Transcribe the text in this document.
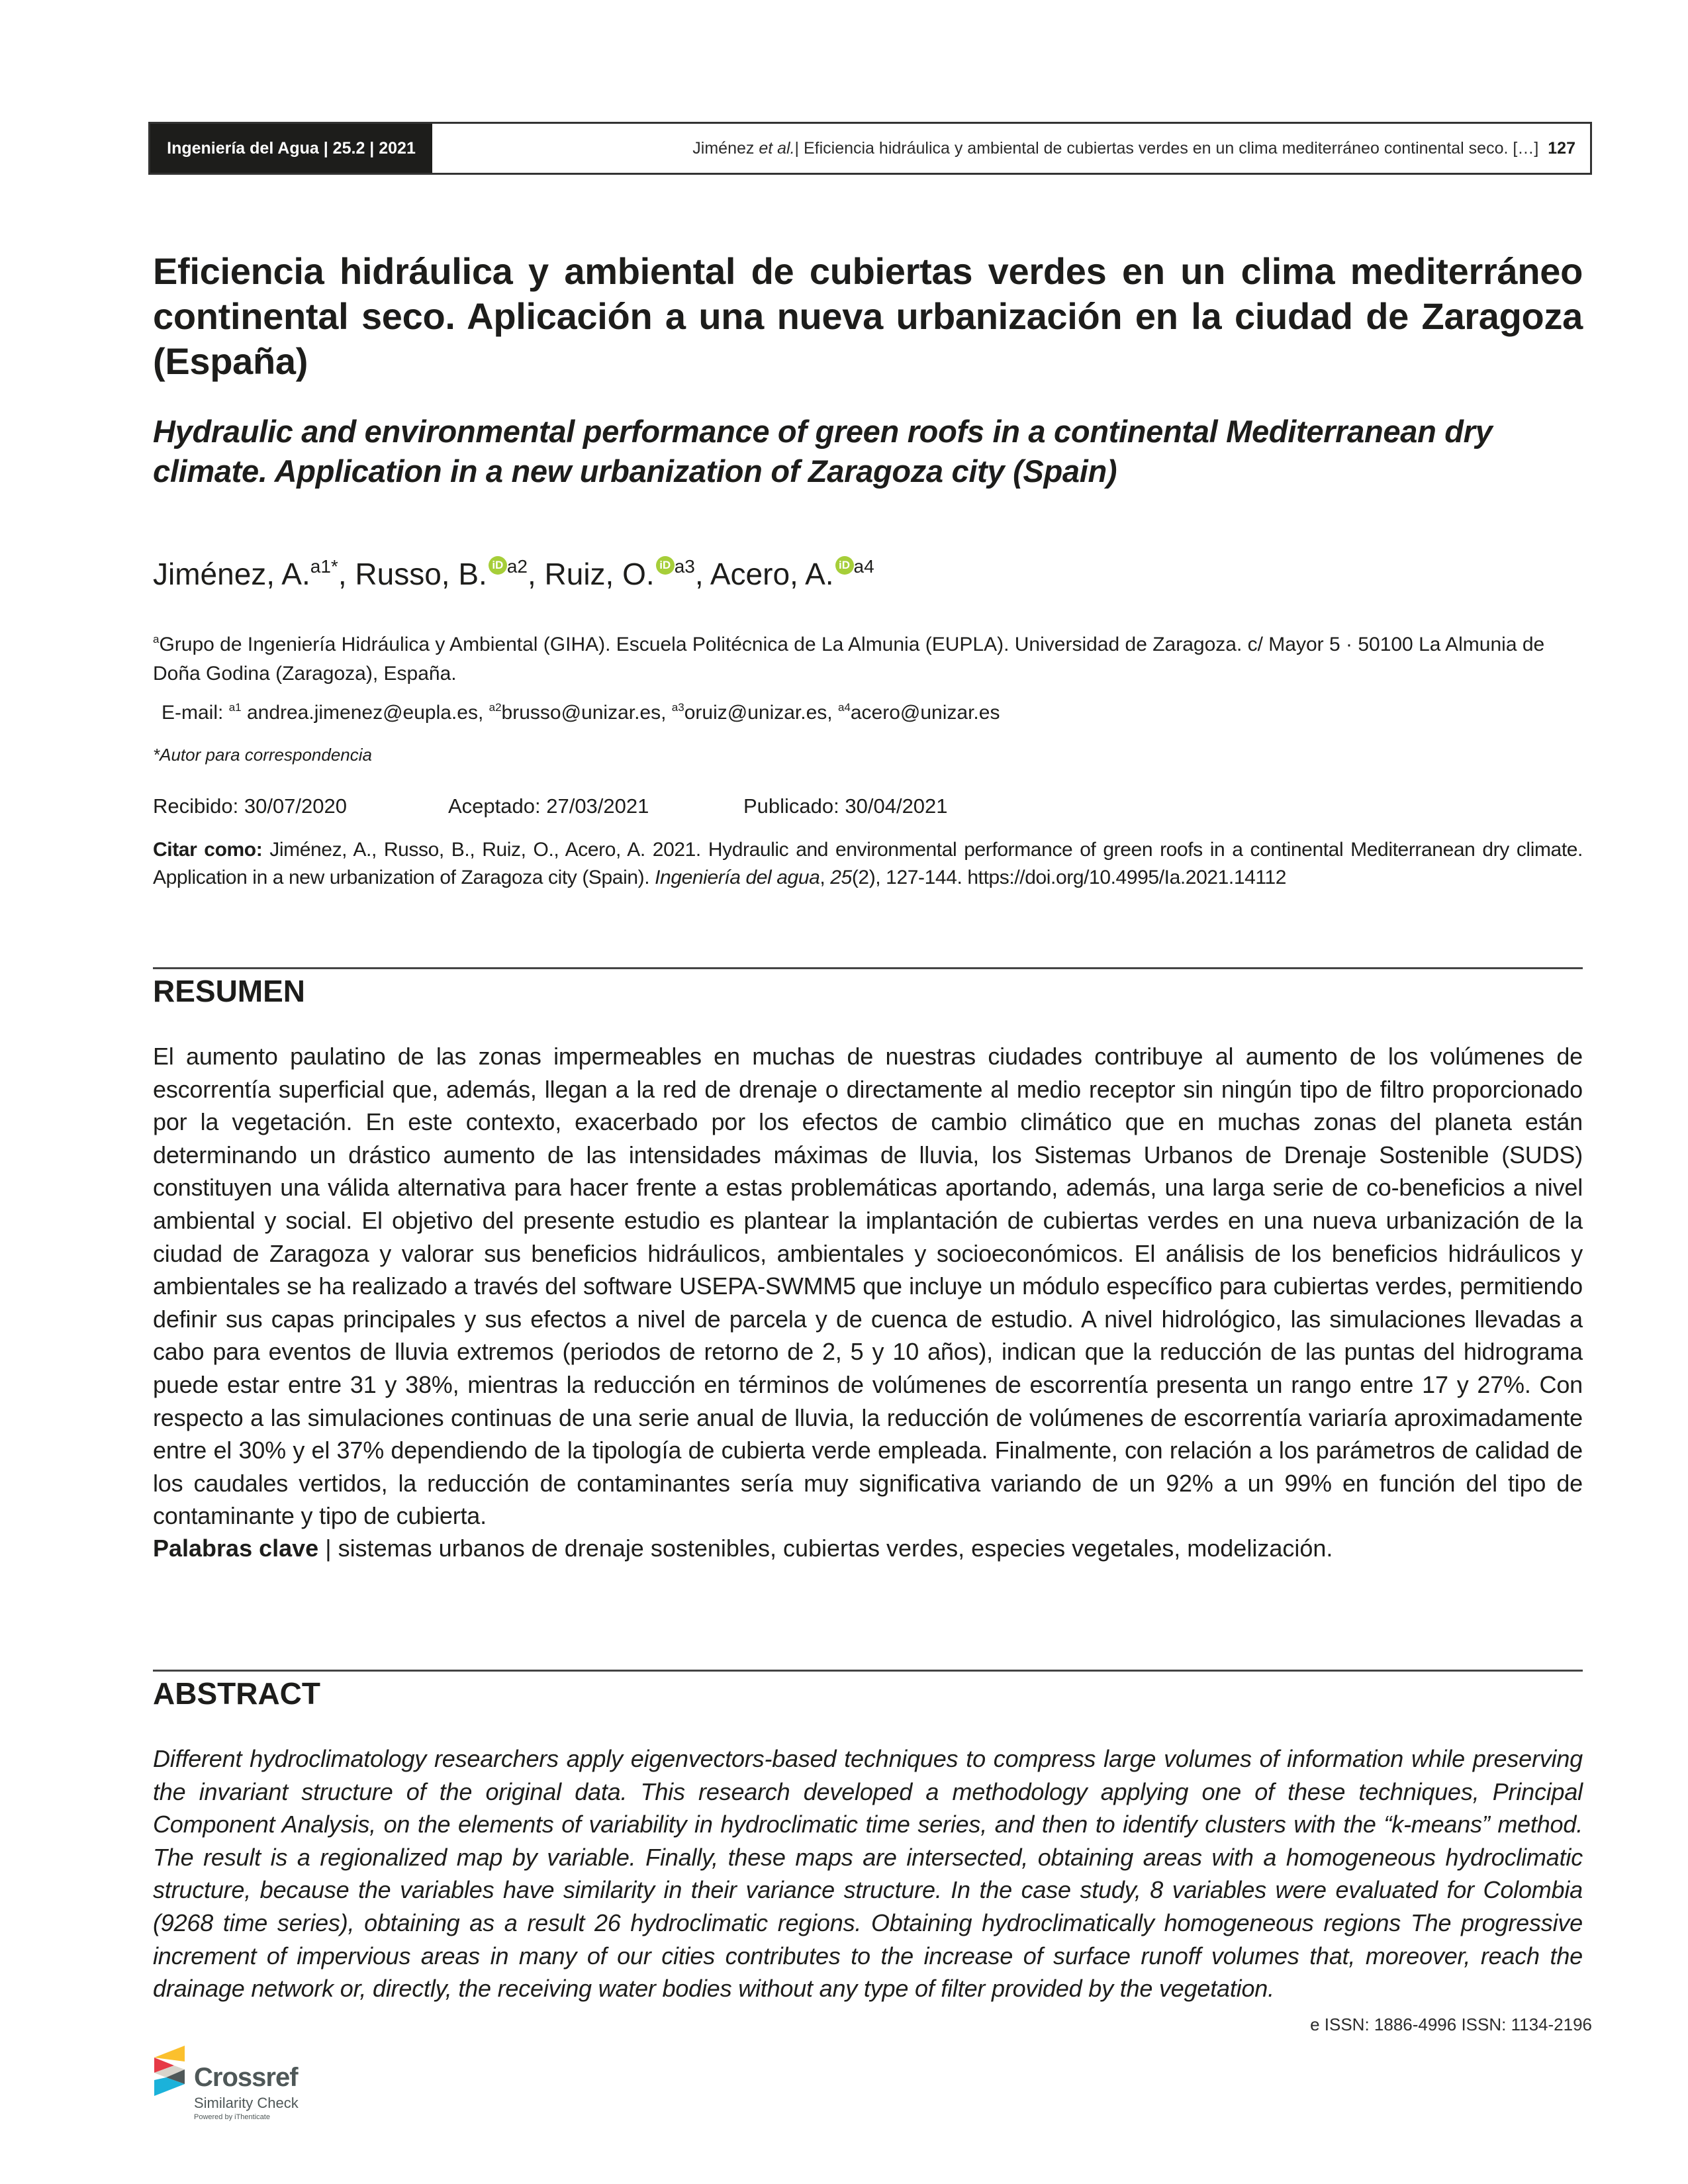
Ingeniería del Agua | 25.2 | 2021	Jiménez
et al. | Eficiencia hidráulica y ambiental de cubiertas verdes en un clima mediterráneo continental seco. […] 127
Eficiencia hidráulica y ambiental de cubiertas verdes en un clima mediterráneo continental seco. Aplicación a una nueva urbanización en la ciudad de Zaragoza (España)
Hydraulic and environmental performance of green roofs in a continental Mediterranean dry climate. Application in a new urbanization of Zaragoza city (Spain)
Jiménez, A.$^{a1*}$, Russo, B. iD $^{a2}$, Ruiz, O. iD $^{a3}$, Acero, A. iD $^{a4}$
$^a$Grupo de Ingeniería Hidráulica y Ambiental (GIHA). Escuela Politécnica de La Almunia (EUPLA). Universidad de Zaragoza. c/ Mayor 5 · 50100 La Almunia de Doña Godina (Zaragoza), España.
E-mail: $^{a1}$ andrea.jimenez@eupla.es, $^{a2}$brusso@unizar.es, $^{a3}$oruiz@unizar.es, $^{a4}$acero@unizar.es
*Autor para correspondencia
Recibido: 30/07/2020	Aceptado: 27/03/2021	Publicado: 30/04/2021
Citar como: Jiménez, A., Russo, B., Ruiz, O., Acero, A. 2021. Hydraulic and environmental performance of green roofs in a continental Mediterranean dry climate. Application in a new urbanization of Zaragoza city (Spain). Ingeniería del agua, 25(2), 127-144. https://doi.org/10.4995/Ia.2021.14112
RESUMEN
El aumento paulatino de las zonas impermeables en muchas de nuestras ciudades contribuye al aumento de los volúmenes de escorrentía superficial que, además, llegan a la red de drenaje o directamente al medio receptor sin ningún tipo de filtro proporcionado por la vegetación. En este contexto, exacerbado por los efectos de cambio climático que en muchas zonas del planeta están determinando un drástico aumento de las intensidades máximas de lluvia, los Sistemas Urbanos de Drenaje Sostenible (SUDS) constituyen una válida alternativa para hacer frente a estas problemáticas aportando, además, una larga serie de co-beneficios a nivel ambiental y social. El objetivo del presente estudio es plantear la implantación de cubiertas verdes en una nueva urbanización de la ciudad de Zaragoza y valorar sus beneficios hidráulicos, ambientales y socioeconómicos. El análisis de los beneficios hidráulicos y ambientales se ha realizado a través del software USEPA-SWMM5 que incluye un módulo específico para cubiertas verdes, permitiendo definir sus capas principales y sus efectos a nivel de parcela y de cuenca de estudio. A nivel hidrológico, las simulaciones llevadas a cabo para eventos de lluvia extremos (periodos de retorno de 2, 5 y 10 años), indican que la reducción de las puntas del hidrograma puede estar entre 31 y 38%, mientras la reducción en términos de volúmenes de escorrentía presenta un rango entre 17 y 27%. Con respecto a las simulaciones continuas de una serie anual de lluvia, la reducción de volúmenes de escorrentía variaría aproximadamente entre el 30% y el 37% dependiendo de la tipología de cubierta verde empleada. Finalmente, con relación a los parámetros de calidad de los caudales vertidos, la reducción de contaminantes sería muy significativa variando de un 92% a un 99% en función del tipo de contaminante y tipo de cubierta.
Palabras clave | sistemas urbanos de drenaje sostenibles, cubiertas verdes, especies vegetales, modelización.
ABSTRACT
Different hydroclimatology researchers apply eigenvectors-based techniques to compress large volumes of information while preserving the invariant structure of the original data. This research developed a methodology applying one of these techniques, Principal Component Analysis, on the elements of variability in hydroclimatic time series, and then to identify clusters with the “k-means” method. The result is a regionalized map by variable. Finally, these maps are intersected, obtaining areas with a homogeneous hydroclimatic structure, because the variables have similarity in their variance structure. In the case study, 8 variables were evaluated for Colombia (9268 time series), obtaining as a result 26 hydroclimatic regions. Obtaining hydroclimatically homogeneous regions The progressive increment of impervious areas in many of our cities contributes to the increase of surface runoff volumes that, moreover, reach the drainage network or, directly, the receiving water bodies without any type of filter provided by the vegetation.
e ISSN: 1886-4996 ISSN: 1134-2196
Crossref
Similarity Check
Powered by iThenticate
